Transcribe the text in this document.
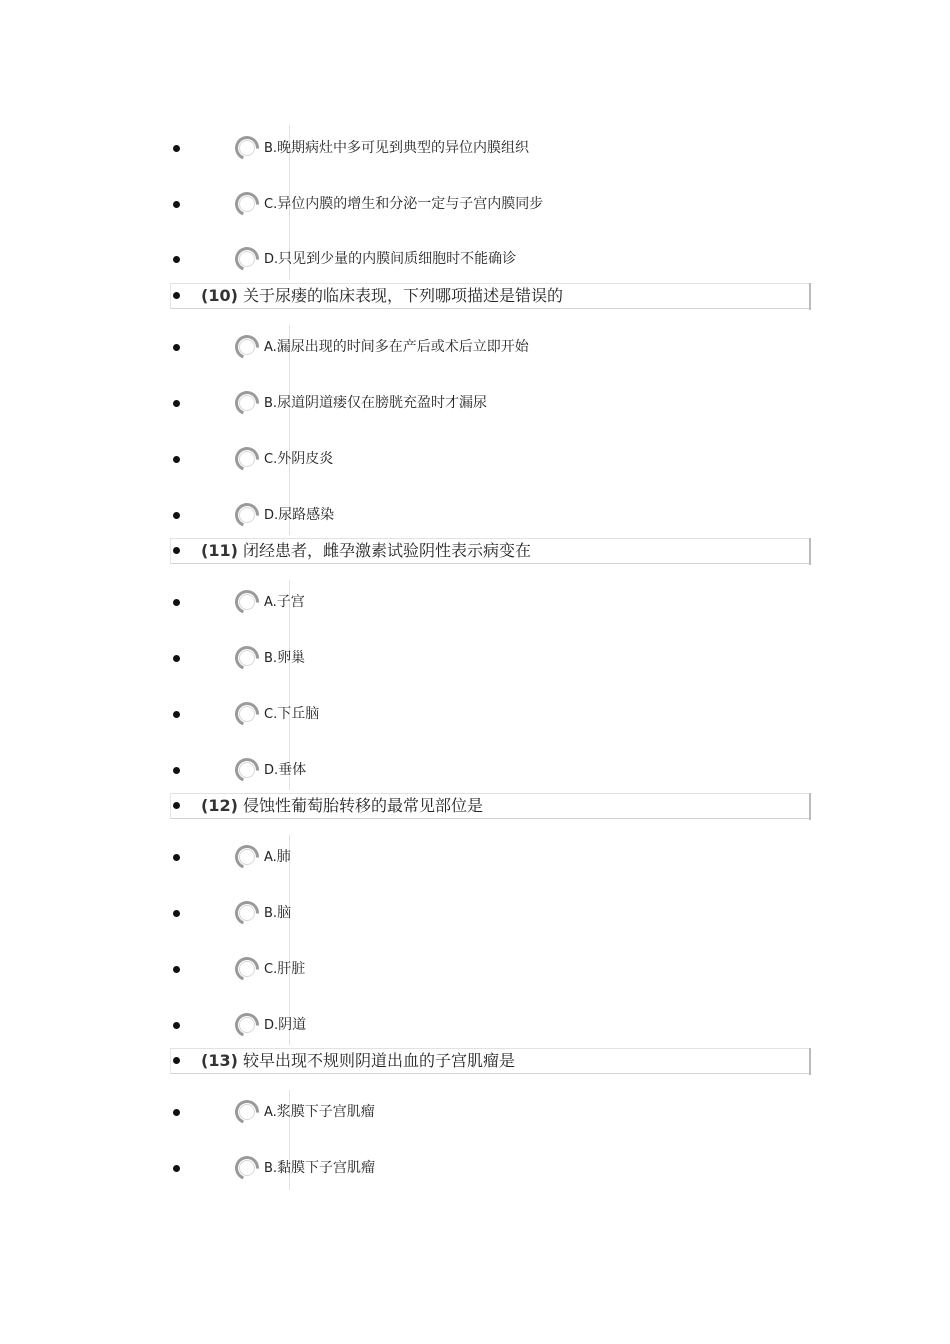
B.晚期病灶中多可见到典型的异位内膜组织
C.异位内膜的增生和分泌一定与子宫内膜同步
D.只见到少量的内膜间质细胞时不能确诊
(10) 关于尿瘘的临床表现，下列哪项描述是错误的
A.漏尿出现的时间多在产后或术后立即开始
B.尿道阴道瘘仅在膀胱充盈时才漏尿
C.外阴皮炎
D.尿路感染
(11) 闭经患者，雌孕激素试验阴性表示病变在
A.子宫
B.卵巢
C.下丘脑
D.垂体
(12) 侵蚀性葡萄胎转移的最常见部位是
A.肺
B.脑
C.肝脏
D.阴道
(13) 较早出现不规则阴道出血的子宫肌瘤是
A.浆膜下子宫肌瘤
B.黏膜下子宫肌瘤
